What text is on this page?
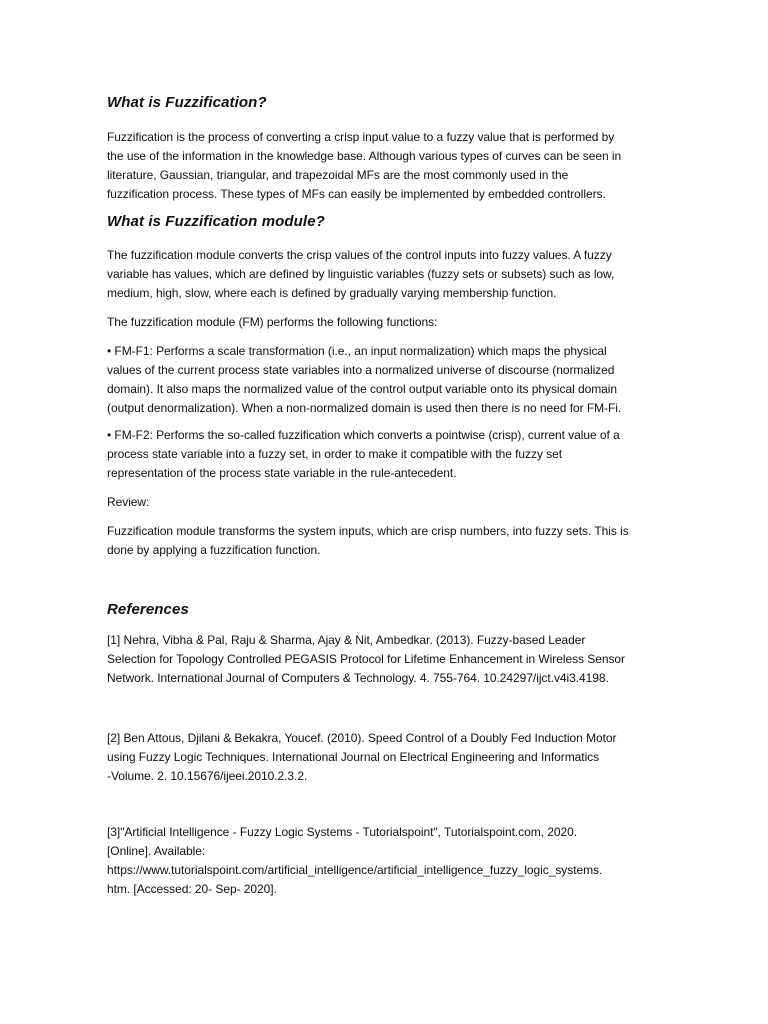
What is Fuzzification?
Fuzzification is the process of converting a crisp input value to a fuzzy value that is performed by
the use of the information in the knowledge base. Although various types of curves can be seen in
literature, Gaussian, triangular, and trapezoidal MFs are the most commonly used in the
fuzzification process. These types of MFs can easily be implemented by embedded controllers.
What is Fuzzification module?
The fuzzification module converts the crisp values of the control inputs into fuzzy values. A fuzzy
variable has values, which are defined by linguistic variables (fuzzy sets or subsets) such as low,
medium, high, slow, where each is defined by gradually varying membership function.
The fuzzification module (FM) performs the following functions:
• FM-F1: Performs a scale transformation (i.e., an input normalization) which maps the physical
values of the current process state variables into a normalized universe of discourse (normalized
domain). It also maps the normalized value of the control output variable onto its physical domain
(output denormalization). When a non-normalized domain is used then there is no need for FM-Fi.
• FM-F2: Performs the so-called fuzzification which converts a pointwise (crisp), current value of a
process state variable into a fuzzy set, in order to make it compatible with the fuzzy set
representation of the process state variable in the rule-antecedent.
Review:
Fuzzification module transforms the system inputs, which are crisp numbers, into fuzzy sets. This is
done by applying a fuzzification function.
References
[1] Nehra, Vibha & Pal, Raju & Sharma, Ajay & Nit, Ambedkar. (2013). Fuzzy-based Leader
Selection for Topology Controlled PEGASIS Protocol for Lifetime Enhancement in Wireless Sensor
Network. International Journal of Computers & Technology. 4. 755-764. 10.24297/ijct.v4i3.4198.
[2] Ben Attous, Djilani & Bekakra, Youcef. (2010). Speed Control of a Doubly Fed Induction Motor
using Fuzzy Logic Techniques. International Journal on Electrical Engineering and Informatics
-Volume. 2. 10.15676/ijeei.2010.2.3.2.
[3]"Artificial Intelligence - Fuzzy Logic Systems - Tutorialspoint", Tutorialspoint.com, 2020.
[Online]. Available:
https://www.tutorialspoint.com/artificial_intelligence/artificial_intelligence_fuzzy_logic_systems.
htm. [Accessed: 20- Sep- 2020].
